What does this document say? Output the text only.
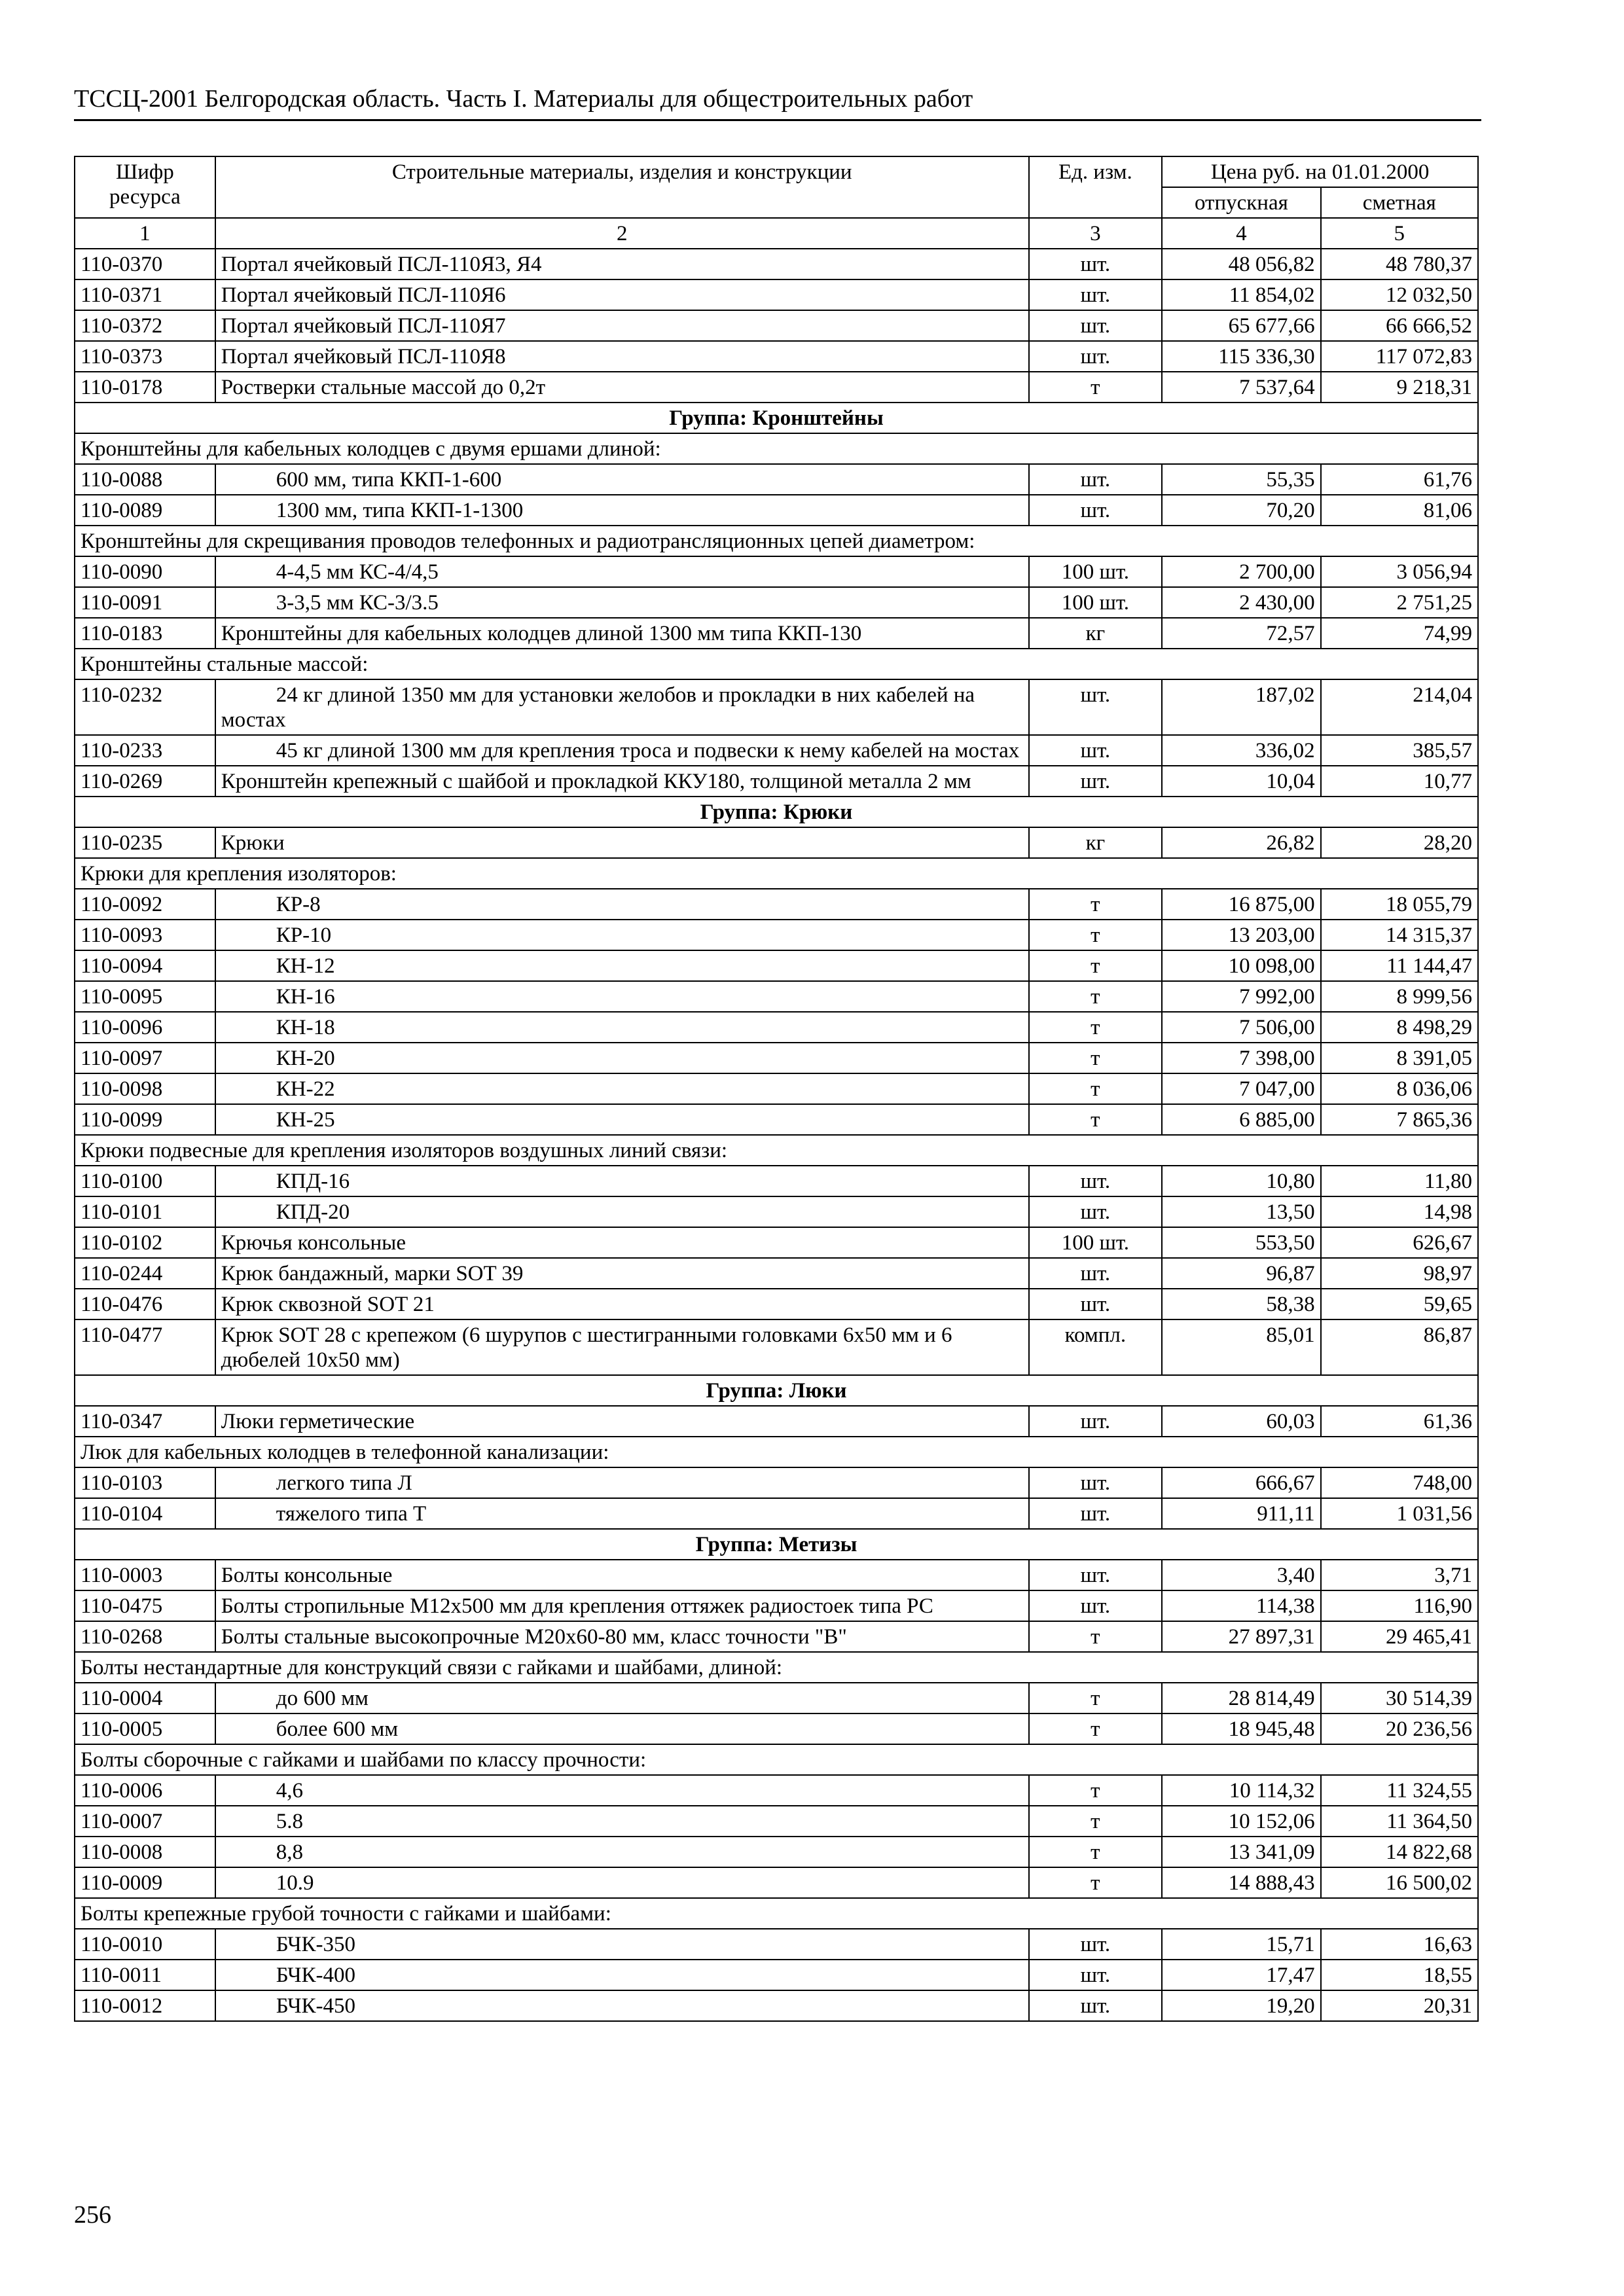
ТССЦ-2001 Белгородская область. Часть I. Материалы для общестроительных работ
Шифр ресурса	Строительные материалы, изделия и конструкции	Ед. изм.	Цена руб. на 01.01.2000	
			отпускная	сметная
1	2	3	4	5
110-0370	Портал ячейковый ПСЛ-110Я3, Я4	шт.	48 056,82	48 780,37
110-0371	Портал ячейковый ПСЛ-110Я6	шт.	11 854,02	12 032,50
110-0372	Портал ячейковый ПСЛ-110Я7	шт.	65 677,66	66 666,52
110-0373	Портал ячейковый ПСЛ-110Я8	шт.	115 336,30	117 072,83
110-0178	Ростверки стальные массой до 0,2т	т	7 537,64	9 218,31
Группа: Кронштейны				
Кронштейны для кабельных колодцев с двумя ершами длиной:				
110-0088	600 мм, типа ККП-1-600	шт.	55,35	61,76
110-0089	1300 мм, типа ККП-1-1300	шт.	70,20	81,06
Кронштейны для скрещивания проводов телефонных и радиотрансляционных цепей диаметром:				
110-0090	4-4,5 мм КС-4/4,5	100 шт.	2 700,00	3 056,94
110-0091	3-3,5 мм КС-3/3.5	100 шт.	2 430,00	2 751,25
110-0183	Кронштейны для кабельных колодцев длиной 1300 мм типа ККП-130	кг	72,57	74,99
Кронштейны стальные массой:				
110-0232	24 кг длиной 1350 мм для установки желобов и прокладки в них кабелей на мостах	шт.	187,02	214,04
110-0233	45 кг длиной 1300 мм для крепления троса и подвески к нему кабелей на мостах	шт.	336,02	385,57
110-0269	Кронштейн крепежный с шайбой и прокладкой ККУ180, толщиной металла 2 мм	шт.	10,04	10,77
Группа: Крюки				
110-0235	Крюки	кг	26,82	28,20
Крюки для крепления изоляторов:				
110-0092	КР-8	т	16 875,00	18 055,79
110-0093	КР-10	т	13 203,00	14 315,37
110-0094	КН-12	т	10 098,00	11 144,47
110-0095	КН-16	т	7 992,00	8 999,56
110-0096	КН-18	т	7 506,00	8 498,29
110-0097	КН-20	т	7 398,00	8 391,05
110-0098	КН-22	т	7 047,00	8 036,06
110-0099	КН-25	т	6 885,00	7 865,36
Крюки подвесные для крепления изоляторов воздушных линий связи:				
110-0100	КПД-16	шт.	10,80	11,80
110-0101	КПД-20	шт.	13,50	14,98
110-0102	Крючья консольные	100 шт.	553,50	626,67
110-0244	Крюк бандажный, марки SOT 39	шт.	96,87	98,97
110-0476	Крюк сквозной SOT 21	шт.	58,38	59,65
110-0477	Крюк SOT 28 с крепежом (6 шурупов с шестигранными головками 6x50 мм и 6 дюбелей 10x50 мм)	компл.	85,01	86,87
Группа: Люки				
110-0347	Люки герметические	шт.	60,03	61,36
Люк для кабельных колодцев в телефонной канализации:				
110-0103	легкого типа Л	шт.	666,67	748,00
110-0104	тяжелого типа Т	шт.	911,11	1 031,56
Группа: Метизы				
110-0003	Болты консольные	шт.	3,40	3,71
110-0475	Болты стропильные М12х500 мм для крепления оттяжек радиостоек типа РС	шт.	114,38	116,90
110-0268	Болты стальные высокопрочные М20х60-80 мм, класс точности "В"	т	27 897,31	29 465,41
Болты нестандартные для конструкций связи с гайками и шайбами, длиной:				
110-0004	до 600 мм	т	28 814,49	30 514,39
110-0005	более 600 мм	т	18 945,48	20 236,56
Болты сборочные с гайками и шайбами по классу прочности:				
110-0006	4,6	т	10 114,32	11 324,55
110-0007	5.8	т	10 152,06	11 364,50
110-0008	8,8	т	13 341,09	14 822,68
110-0009	10.9	т	14 888,43	16 500,02
Болты крепежные грубой точности с гайками и шайбами:				
110-0010	БЧК-350	шт.	15,71	16,63
110-0011	БЧК-400	шт.	17,47	18,55
110-0012	БЧК-450	шт.	19,20	20,31
256
